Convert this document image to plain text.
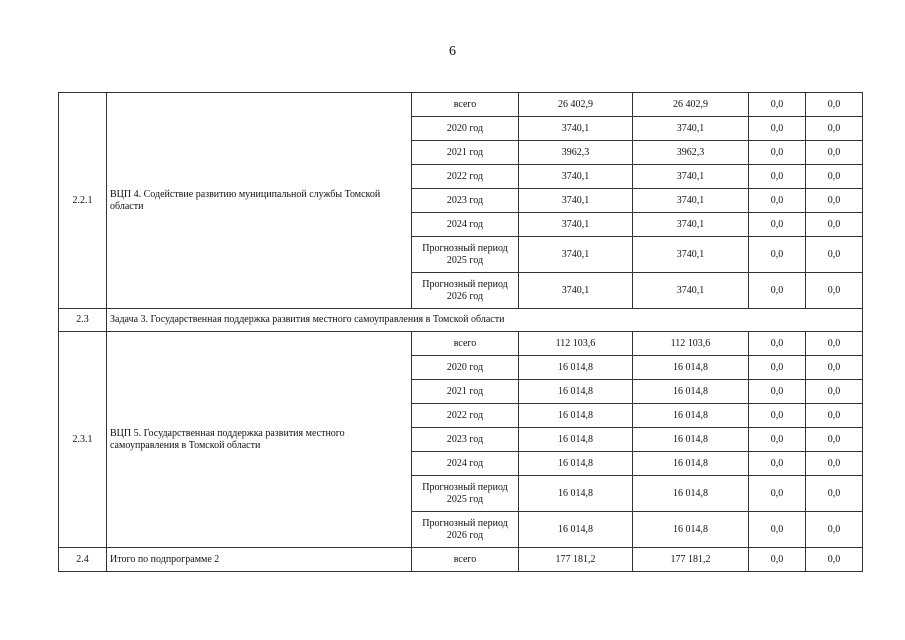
6
2.2.1	ВЦП 4. Содействие развитию муниципальной службы Томской области	всего	26 402,9	26 402,9	0,0	0,0
		2020 год	3740,1	3740,1	0,0	0,0
		2021 год	3962,3	3962,3	0,0	0,0
		2022 год	3740,1	3740,1	0,0	0,0
		2023 год	3740,1	3740,1	0,0	0,0
		2024 год	3740,1	3740,1	0,0	0,0
		Прогнозный период 2025 год	3740,1	3740,1	0,0	0,0
		Прогнозный период 2026 год	3740,1	3740,1	0,0	0,0
2.3	Задача 3. Государственная поддержка развития местного самоуправления в Томской области					
2.3.1	ВЦП 5. Государственная поддержка развития местного самоуправления в Томской области	всего	112 103,6	112 103,6	0,0	0,0
		2020 год	16 014,8	16 014,8	0,0	0,0
		2021 год	16 014,8	16 014,8	0,0	0,0
		2022 год	16 014,8	16 014,8	0,0	0,0
		2023 год	16 014,8	16 014,8	0,0	0,0
		2024 год	16 014,8	16 014,8	0,0	0,0
		Прогнозный период 2025 год	16 014,8	16 014,8	0,0	0,0
		Прогнозный период 2026 год	16 014,8	16 014,8	0,0	0,0
2.4	Итого по подпрограмме 2	всего	177 181,2	177 181,2	0,0	0,0
